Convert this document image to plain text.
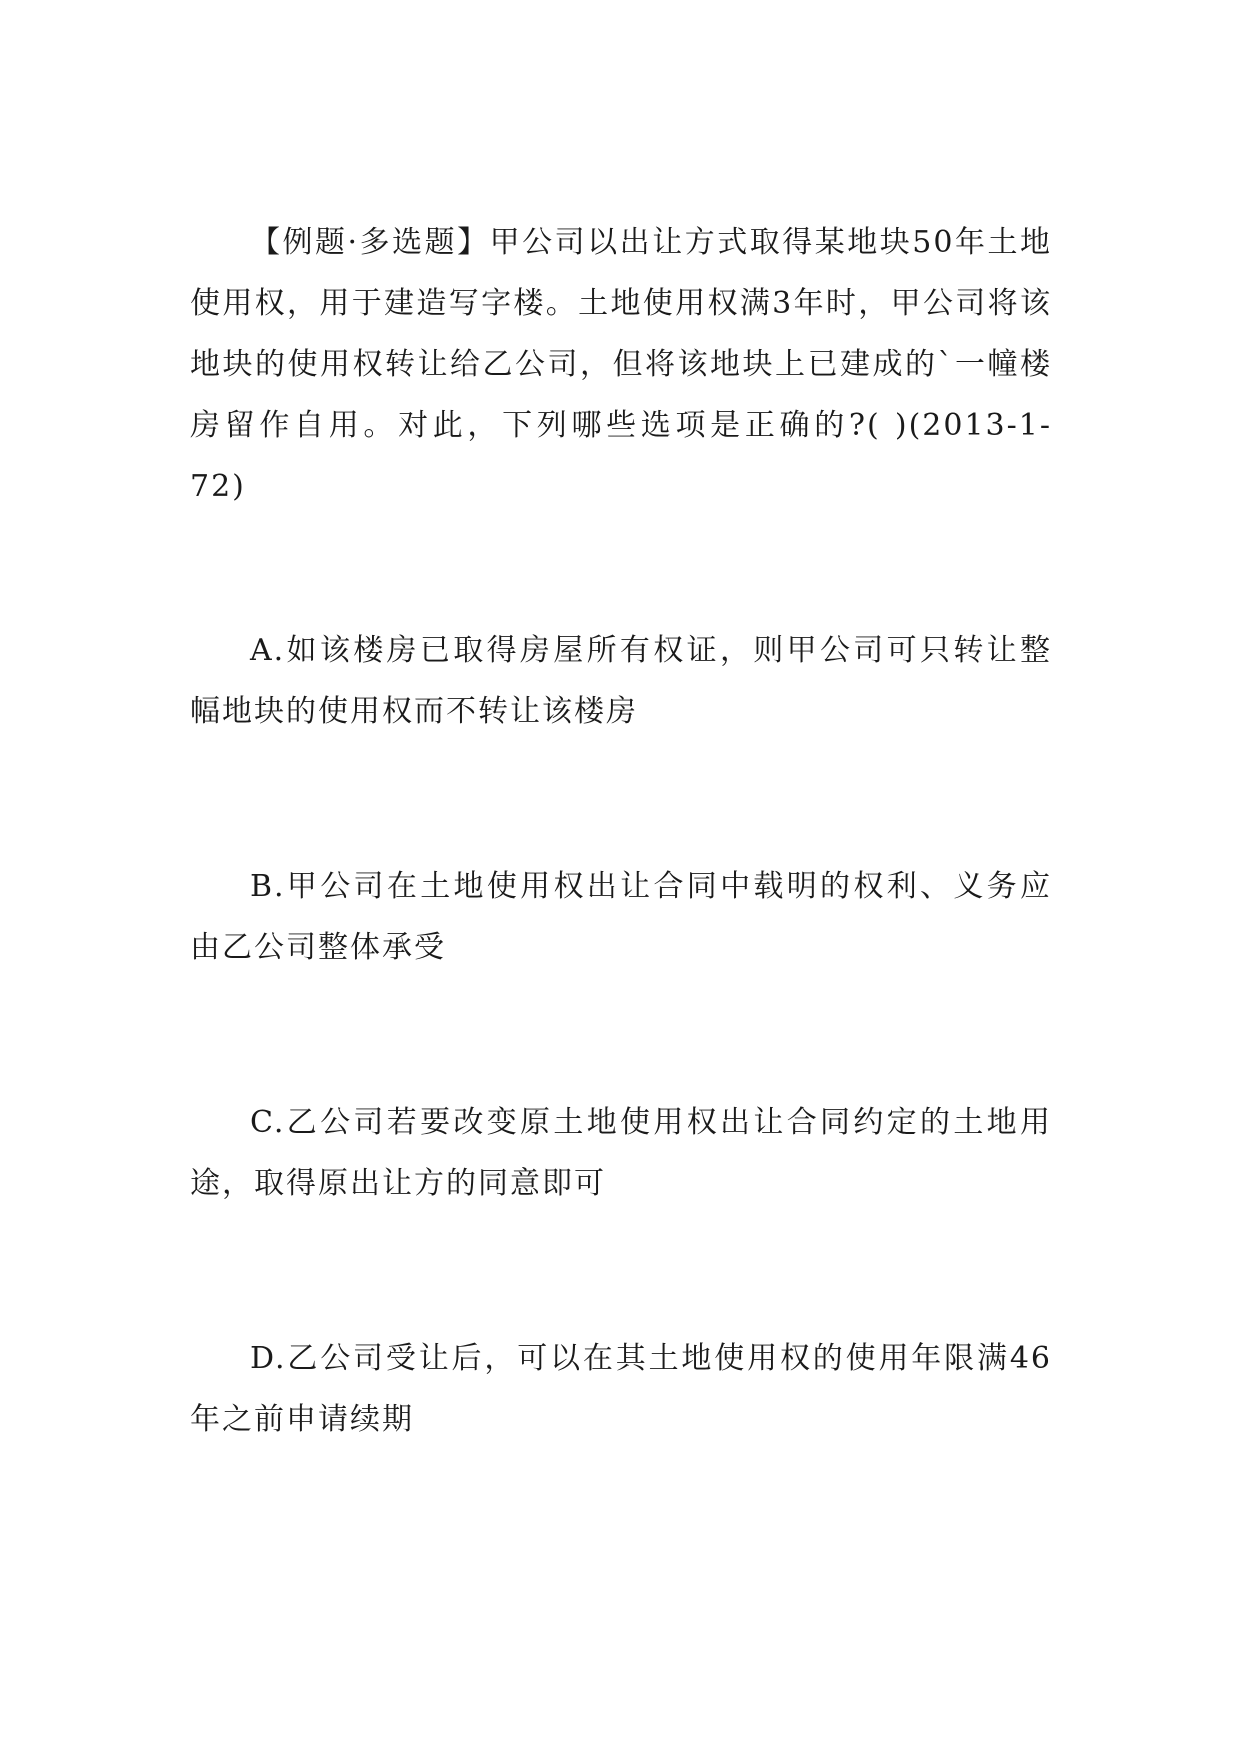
【例题·多选题】甲公司以出让方式取得某地块50年土地使用权，用于建造写字楼。土地使用权满3年时，甲公司将该地块的使用权转让给乙公司，但将该地块上已建成的`一幢楼房留作自用。对此，下列哪些选项是正确的?( )(2013-1-72)

A.如该楼房已取得房屋所有权证，则甲公司可只转让整幅地块的使用权而不转让该楼房

B.甲公司在土地使用权出让合同中载明的权利、义务应由乙公司整体承受

C.乙公司若要改变原土地使用权出让合同约定的土地用途，取得原出让方的同意即可

D.乙公司受让后，可以在其土地使用权的使用年限满46年之前申请续期
